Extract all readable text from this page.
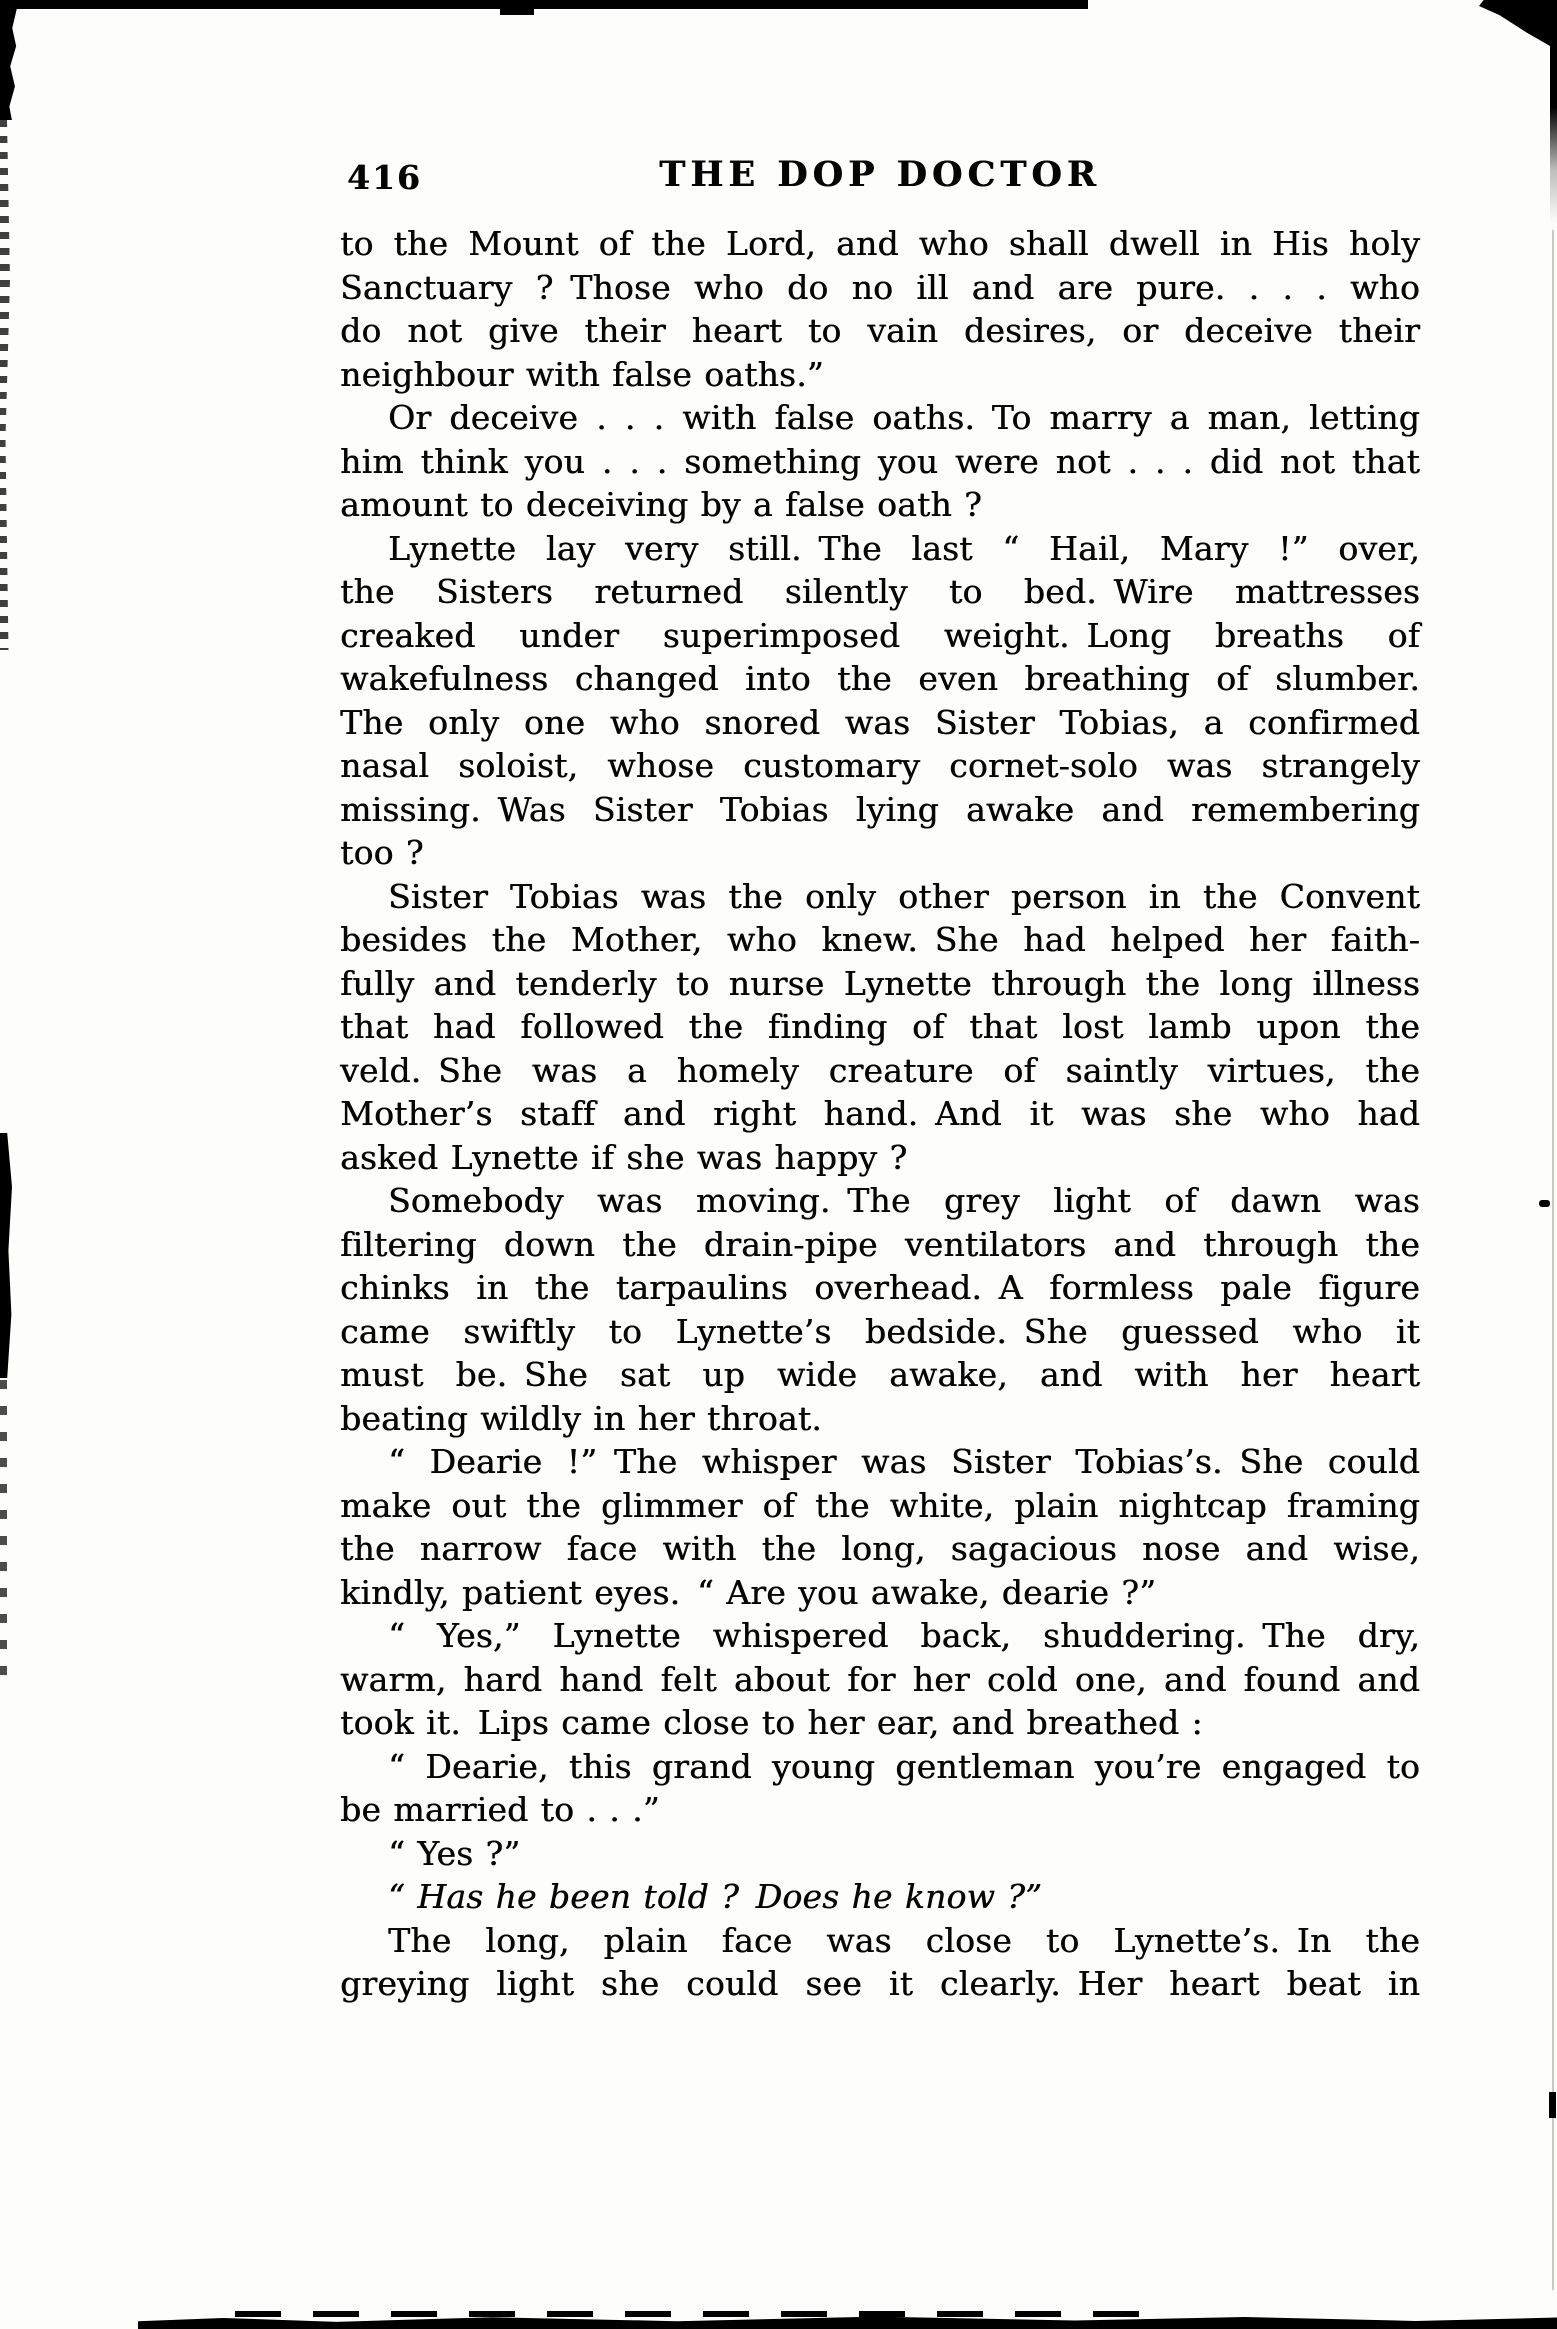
416	THE DOP DOCTOR
to the Mount of the Lord, and who shall dwell in His holy
Sanctuary ? Those who do no ill and are pure. . . . who
do not give their heart to vain desires, or deceive their
neighbour with false oaths.”
Or deceive . . . with false oaths. To marry a man, letting
him think you . . . something you were not . . . did not that
amount to deceiving by a false oath ?
Lynette lay very still. The last “ Hail, Mary !” over,
the Sisters returned silently to bed. Wire mattresses
creaked under superimposed weight. Long breaths of
wakefulness changed into the even breathing of slumber.
The only one who snored was Sister Tobias, a confirmed
nasal soloist, whose customary cornet-solo was strangely
missing. Was Sister Tobias lying awake and remembering
too ?
Sister Tobias was the only other person in the Convent
besides the Mother, who knew. She had helped her faith-
fully and tenderly to nurse Lynette through the long illness
that had followed the finding of that lost lamb upon the
veld. She was a homely creature of saintly virtues, the
Mother’s staff and right hand. And it was she who had
asked Lynette if she was happy ?
Somebody was moving. The grey light of dawn was
filtering down the drain-pipe ventilators and through the
chinks in the tarpaulins overhead. A formless pale figure
came swiftly to Lynette’s bedside. She guessed who it
must be. She sat up wide awake, and with her heart
beating wildly in her throat.
“ Dearie !” The whisper was Sister Tobias’s. She could
make out the glimmer of the white, plain nightcap framing
the narrow face with the long, sagacious nose and wise,
kindly, patient eyes. “ Are you awake, dearie ?”
“ Yes,” Lynette whispered back, shuddering. The dry,
warm, hard hand felt about for her cold one, and found and
took it. Lips came close to her ear, and breathed :
“ Dearie, this grand young gentleman you’re engaged to
be married to . . .”
“ Yes ?”
“ Has he been told ? Does he know ?”
The long, plain face was close to Lynette’s. In the
greying light she could see it clearly. Her heart beat in
